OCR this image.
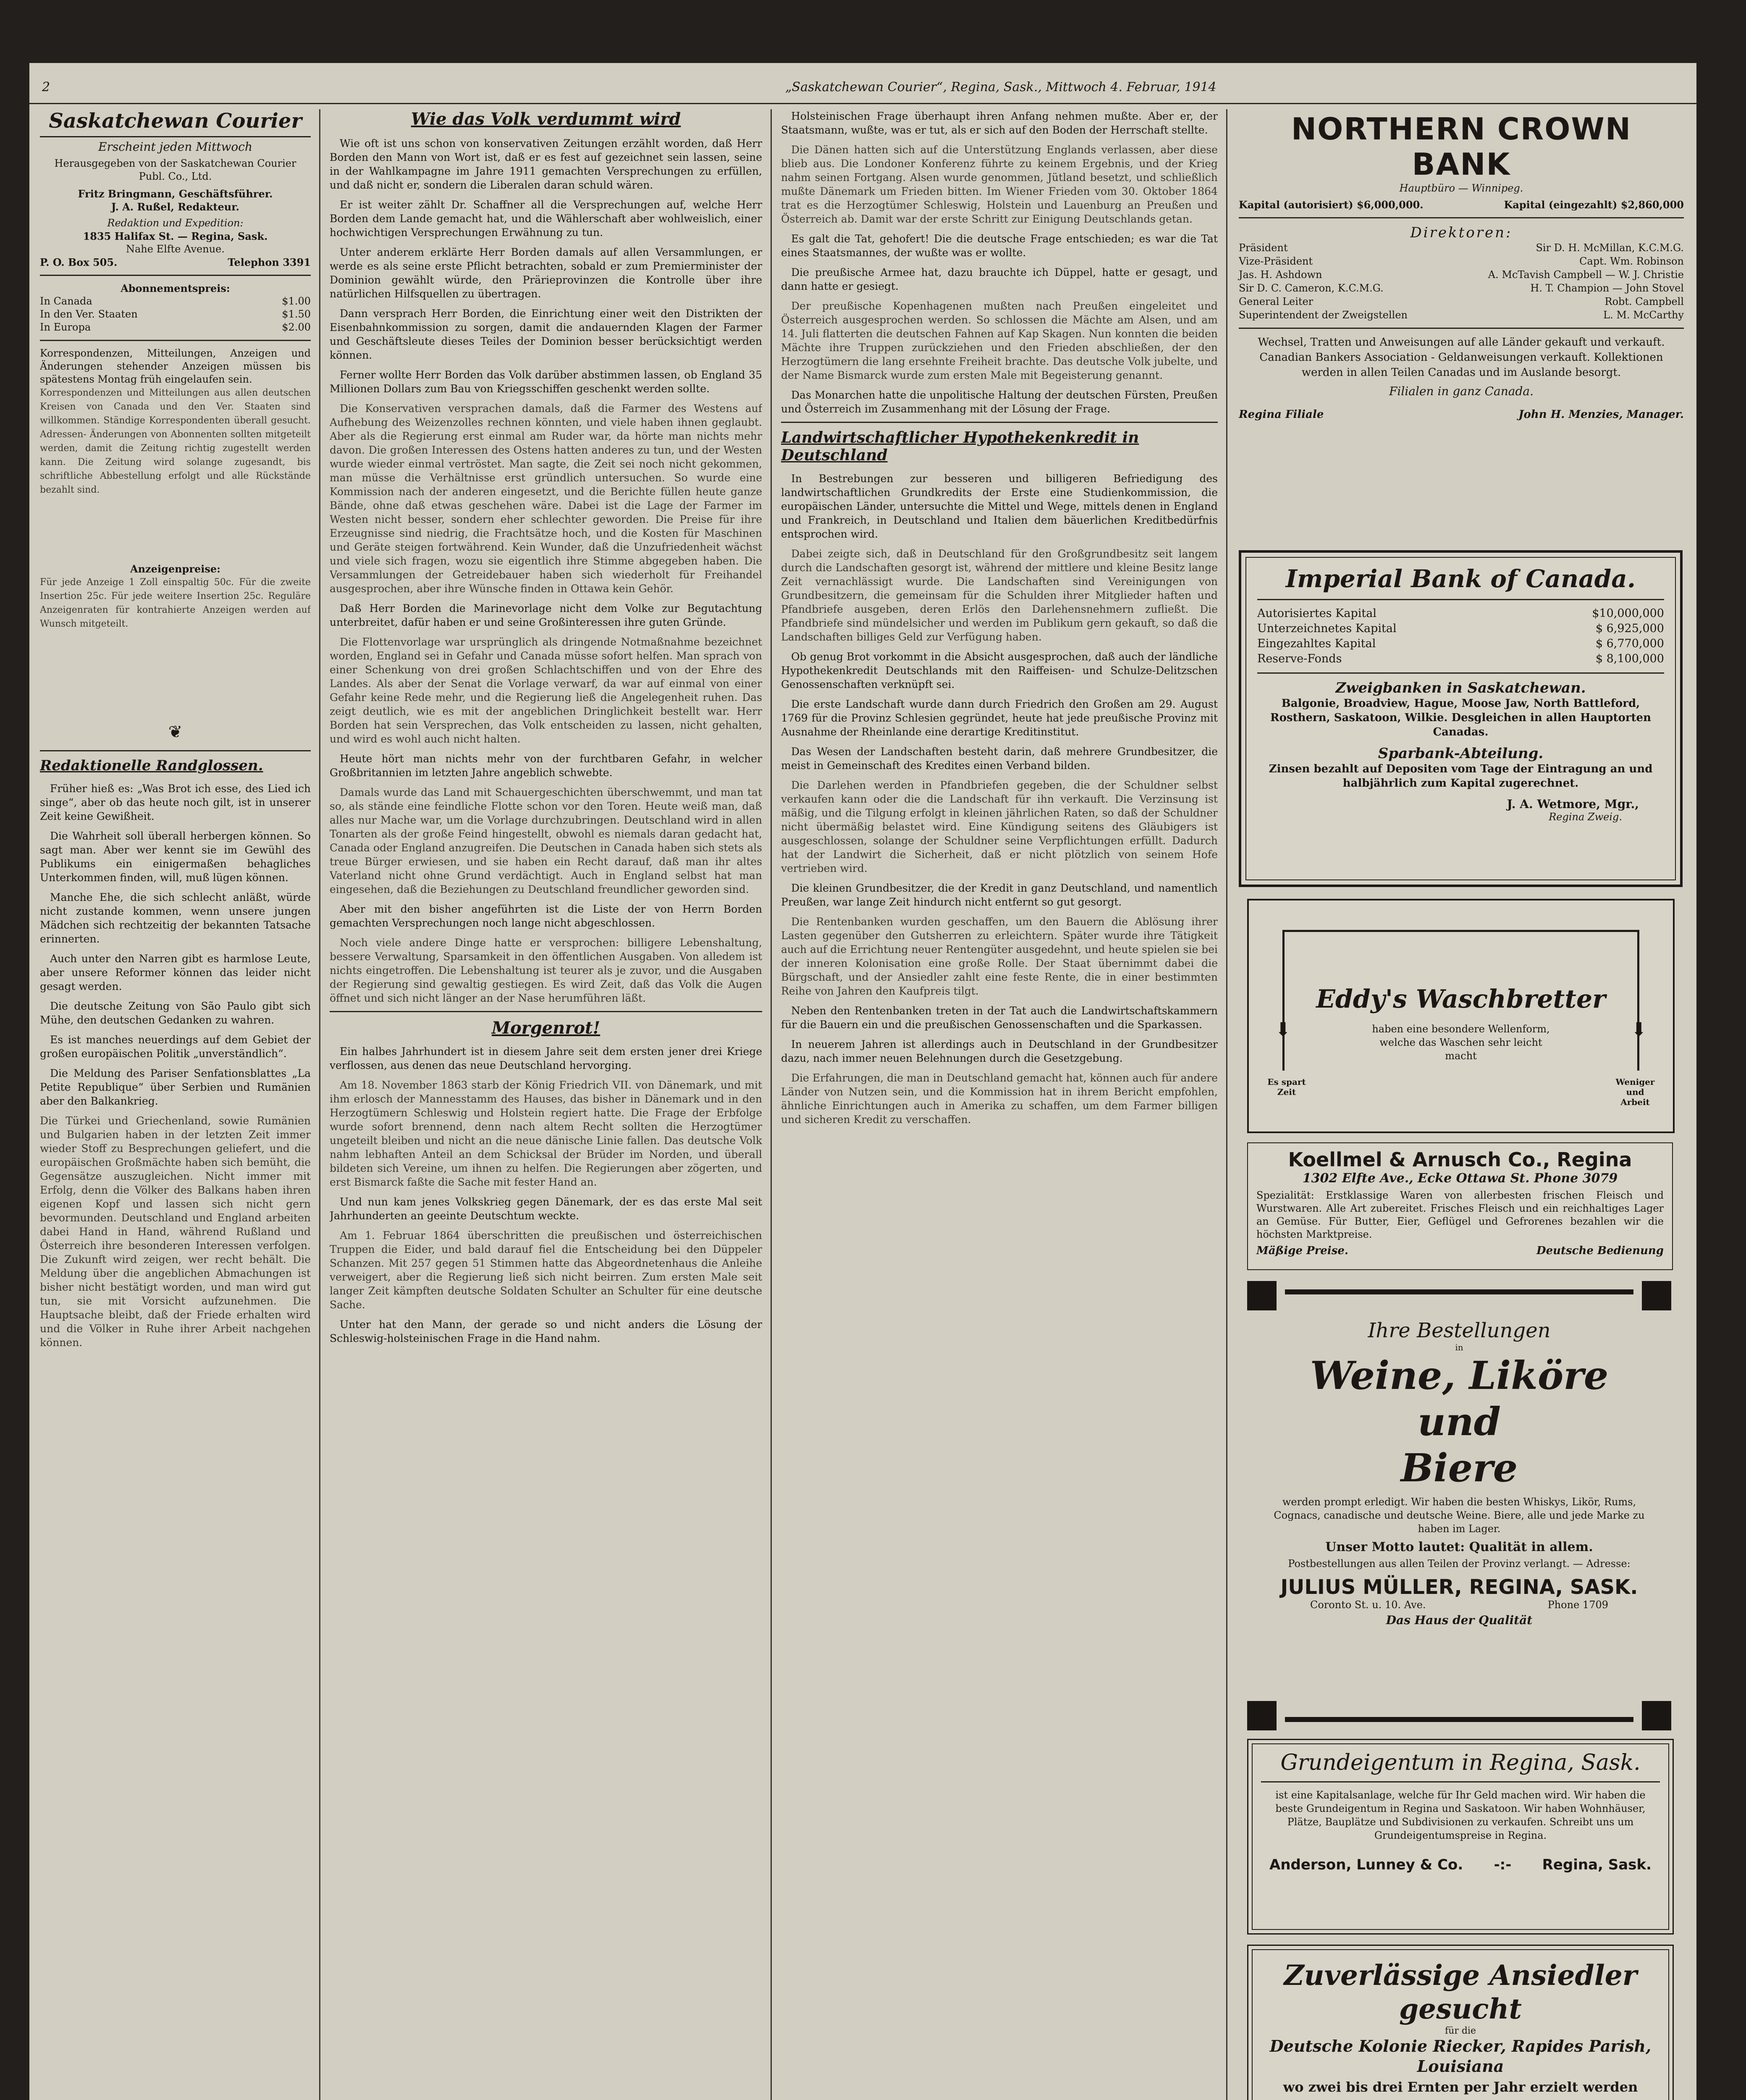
2	„Saskatchewan Courier“, Regina, Sask., Mittwoch 4. Februar, 1914
Saskatchewan Courier
Erscheint jeden Mittwoch
Herausgegeben von der Saskatchewan Courier Publ. Co., Ltd.
Fritz Bringmann, Geschäftsführer.
J. A. Rußel, Redakteur.
Redaktion und Expedition:
1835 Halifax St. — Regina, Sask.
Nahe Elfte Avenue.
P. O. Box 505.	Telephon 3391
Abonnementspreis:
In Canada	$1.00
In den Ver. Staaten	$1.50
In Europa	$2.00

Korrespondenzen, Mitteilungen, Anzeigen und Änderungen stehender Anzeigen müssen bis spätestens Montag früh eingelaufen sein.

Korrespondenzen und Mitteilungen aus allen deutschen Kreisen von Canada und den Ver. Staaten sind willkommen. Ständige Korrespondenten überall gesucht. Adressen- Änderungen von Abonnenten sollten mitgeteilt werden, damit die Zeitung richtig zugestellt werden kann. Die Zeitung wird solange zugesandt, bis schriftliche Abbestellung erfolgt und alle Rückstände bezahlt sind.
Anzeigenpreise:
Für jede Anzeige 1 Zoll einspaltig 50c. Für die zweite Insertion 25c. Für jede weitere Insertion 25c. Reguläre Anzeigenraten für kontrahierte Anzeigen werden auf Wunsch mitgeteilt.
❦
Redaktionelle Randglossen.

Früher hieß es: „Was Brot ich esse, des Lied ich singe“, aber ob das heute noch gilt, ist in unserer Zeit keine Gewißheit.

Die Wahrheit soll überall herbergen können. So sagt man. Aber wer kennt sie im Gewühl des Publikums ein einigermaßen behagliches Unterkommen finden, will, muß lügen können.

Manche Ehe, die sich schlecht anläßt, würde nicht zustande kommen, wenn unsere jungen Mädchen sich rechtzeitig der bekannten Tatsache erinnerten.

Auch unter den Narren gibt es harmlose Leute, aber unsere Reformer können das leider nicht gesagt werden.

Die deutsche Zeitung von São Paulo gibt sich Mühe, den deutschen Gedanken zu wahren.

Es ist manches neuerdings auf dem Gebiet der großen europäischen Politik „unverständlich“.

Die Meldung des Pariser Senfationsblattes „La Petite Republique“ über Serbien und Rumänien aber den Balkankrieg.

Die Türkei und Griechenland, sowie Rumänien und Bulgarien haben in der letzten Zeit immer wieder Stoff zu Besprechungen geliefert, und die europäischen Großmächte haben sich bemüht, die Gegensätze auszugleichen. Nicht immer mit Erfolg, denn die Völker des Balkans haben ihren eigenen Kopf und lassen sich nicht gern bevormunden. Deutschland und England arbeiten dabei Hand in Hand, während Rußland und Österreich ihre besonderen Interessen verfolgen. Die Zukunft wird zeigen, wer recht behält. Die Meldung über die angeblichen Abmachungen ist bisher nicht bestätigt worden, und man wird gut tun, sie mit Vorsicht aufzunehmen. Die Hauptsache bleibt, daß der Friede erhalten wird und die Völker in Ruhe ihrer Arbeit nachgehen können.
Wie das Volk verdummt wird

Wie oft ist uns schon von konservativen Zeitungen erzählt worden, daß Herr Borden den Mann von Wort ist, daß er es fest auf gezeichnet sein lassen, seine in der Wahlkampagne im Jahre 1911 gemachten Versprechungen zu erfüllen, und daß nicht er, sondern die Liberalen daran schuld wären.

Er ist weiter zählt Dr. Schaffner all die Versprechungen auf, welche Herr Borden dem Lande gemacht hat, und die Wählerschaft aber wohlweislich, einer hochwichtigen Versprechungen Erwähnung zu tun.

Unter anderem erklärte Herr Borden damals auf allen Versammlungen, er werde es als seine erste Pflicht betrachten, sobald er zum Premierminister der Dominion gewählt würde, den Prärieprovinzen die Kontrolle über ihre natürlichen Hilfsquellen zu übertragen.

Dann versprach Herr Borden, die Einrichtung einer weit den Distrikten der Eisenbahnkommission zu sorgen, damit die andauernden Klagen der Farmer und Geschäftsleute dieses Teiles der Dominion besser berücksichtigt werden können.

Ferner wollte Herr Borden das Volk darüber abstimmen lassen, ob England 35 Millionen Dollars zum Bau von Kriegsschiffen geschenkt werden sollte.

Die Konservativen versprachen damals, daß die Farmer des Westens auf Aufhebung des Weizenzolles rechnen könnten, und viele haben ihnen geglaubt. Aber als die Regierung erst einmal am Ruder war, da hörte man nichts mehr davon. Die großen Interessen des Ostens hatten anderes zu tun, und der Westen wurde wieder einmal vertröstet. Man sagte, die Zeit sei noch nicht gekommen, man müsse die Verhältnisse erst gründlich untersuchen. So wurde eine Kommission nach der anderen eingesetzt, und die Berichte füllen heute ganze Bände, ohne daß etwas geschehen wäre. Dabei ist die Lage der Farmer im Westen nicht besser, sondern eher schlechter geworden. Die Preise für ihre Erzeugnisse sind niedrig, die Frachtsätze hoch, und die Kosten für Maschinen und Geräte steigen fortwährend. Kein Wunder, daß die Unzufriedenheit wächst und viele sich fragen, wozu sie eigentlich ihre Stimme abgegeben haben. Die Versammlungen der Getreidebauer haben sich wiederholt für Freihandel ausgesprochen, aber ihre Wünsche finden in Ottawa kein Gehör.

Daß Herr Borden die Marinevorlage nicht dem Volke zur Begutachtung unterbreitet, dafür haben er und seine Großinteressen ihre guten Gründe.

Die Flottenvorlage war ursprünglich als dringende Notmaßnahme bezeichnet worden, England sei in Gefahr und Canada müsse sofort helfen. Man sprach von einer Schenkung von drei großen Schlachtschiffen und von der Ehre des Landes. Als aber der Senat die Vorlage verwarf, da war auf einmal von einer Gefahr keine Rede mehr, und die Regierung ließ die Angelegenheit ruhen. Das zeigt deutlich, wie es mit der angeblichen Dringlichkeit bestellt war. Herr Borden hat sein Versprechen, das Volk entscheiden zu lassen, nicht gehalten, und wird es wohl auch nicht halten.

Heute hört man nichts mehr von der furchtbaren Gefahr, in welcher Großbritannien im letzten Jahre angeblich schwebte.

Damals wurde das Land mit Schauergeschichten überschwemmt, und man tat so, als stände eine feindliche Flotte schon vor den Toren. Heute weiß man, daß alles nur Mache war, um die Vorlage durchzubringen. Deutschland wird in allen Tonarten als der große Feind hingestellt, obwohl es niemals daran gedacht hat, Canada oder England anzugreifen. Die Deutschen in Canada haben sich stets als treue Bürger erwiesen, und sie haben ein Recht darauf, daß man ihr altes Vaterland nicht ohne Grund verdächtigt. Auch in England selbst hat man eingesehen, daß die Beziehungen zu Deutschland freundlicher geworden sind.

Aber mit den bisher angeführten ist die Liste der von Herrn Borden gemachten Versprechungen noch lange nicht abgeschlossen.

Noch viele andere Dinge hatte er versprochen: billigere Lebenshaltung, bessere Verwaltung, Sparsamkeit in den öffentlichen Ausgaben. Von alledem ist nichts eingetroffen. Die Lebenshaltung ist teurer als je zuvor, und die Ausgaben der Regierung sind gewaltig gestiegen. Es wird Zeit, daß das Volk die Augen öffnet und sich nicht länger an der Nase herumführen läßt.
Morgenrot!

Ein halbes Jahrhundert ist in diesem Jahre seit dem ersten jener drei Kriege verflossen, aus denen das neue Deutschland hervorging.

Am 18. November 1863 starb der König Friedrich VII. von Dänemark, und mit ihm erlosch der Mannesstamm des Hauses, das bisher in Dänemark und in den Herzogtümern Schleswig und Holstein regiert hatte. Die Frage der Erbfolge wurde sofort brennend, denn nach altem Recht sollten die Herzogtümer ungeteilt bleiben und nicht an die neue dänische Linie fallen. Das deutsche Volk nahm lebhaften Anteil an dem Schicksal der Brüder im Norden, und überall bildeten sich Vereine, um ihnen zu helfen. Die Regierungen aber zögerten, und erst Bismarck faßte die Sache mit fester Hand an.

Und nun kam jenes Volkskrieg gegen Dänemark, der es das erste Mal seit Jahrhunderten an geeinte Deutschtum weckte.

Am 1. Februar 1864 überschritten die preußischen und österreichischen Truppen die Eider, und bald darauf fiel die Entscheidung bei den Düppeler Schanzen. Mit 257 gegen 51 Stimmen hatte das Abgeordnetenhaus die Anleihe verweigert, aber die Regierung ließ sich nicht beirren. Zum ersten Male seit langer Zeit kämpften deutsche Soldaten Schulter an Schulter für eine deutsche Sache.

Unter hat den Mann, der gerade so und nicht anders die Lösung der Schleswig-holsteinischen Frage in die Hand nahm.

Holsteinischen Frage überhaupt ihren Anfang nehmen mußte. Aber er, der Staatsmann, wußte, was er tut, als er sich auf den Boden der Herrschaft stellte.

Die Dänen hatten sich auf die Unterstützung Englands verlassen, aber diese blieb aus. Die Londoner Konferenz führte zu keinem Ergebnis, und der Krieg nahm seinen Fortgang. Alsen wurde genommen, Jütland besetzt, und schließlich mußte Dänemark um Frieden bitten. Im Wiener Frieden vom 30. Oktober 1864 trat es die Herzogtümer Schleswig, Holstein und Lauenburg an Preußen und Österreich ab. Damit war der erste Schritt zur Einigung Deutschlands getan.

Es galt die Tat, gehofert! Die die deutsche Frage entschieden; es war die Tat eines Staatsmannes, der wußte was er wollte.

Die preußische Armee hat, dazu brauchte ich Düppel, hatte er gesagt, und dann hatte er gesiegt.

Der preußische Kopenhagenen mußten nach Preußen eingeleitet und Österreich ausgesprochen werden. So schlossen die Mächte am Alsen, und am 14. Juli flatterten die deutschen Fahnen auf Kap Skagen. Nun konnten die beiden Mächte ihre Truppen zurückziehen und den Frieden abschließen, der den Herzogtümern die lang ersehnte Freiheit brachte. Das deutsche Volk jubelte, und der Name Bismarck wurde zum ersten Male mit Begeisterung genannt.

Das Monarchen hatte die unpolitische Haltung der deutschen Fürsten, Preußen und Österreich im Zusammenhang mit der Lösung der Frage.

Landwirtschaftlicher Hypothekenkredit in Deutschland

In Bestrebungen zur besseren und billigeren Befriedigung des landwirtschaftlichen Grundkredits der Erste eine Studienkommission, die europäischen Länder, untersuchte die Mittel und Wege, mittels denen in England und Frankreich, in Deutschland und Italien dem bäuerlichen Kreditbedürfnis entsprochen wird.

Dabei zeigte sich, daß in Deutschland für den Großgrundbesitz seit langem durch die Landschaften gesorgt ist, während der mittlere und kleine Besitz lange Zeit vernachlässigt wurde. Die Landschaften sind Vereinigungen von Grundbesitzern, die gemeinsam für die Schulden ihrer Mitglieder haften und Pfandbriefe ausgeben, deren Erlös den Darlehensnehmern zufließt. Die Pfandbriefe sind mündelsicher und werden im Publikum gern gekauft, so daß die Landschaften billiges Geld zur Verfügung haben.

Ob genug Brot vorkommt in die Absicht ausgesprochen, daß auch der ländliche Hypothekenkredit Deutschlands mit den Raiffeisen- und Schulze-Delitzschen Genossenschaften verknüpft sei.

Die erste Landschaft wurde dann durch Friedrich den Großen am 29. August 1769 für die Provinz Schlesien gegründet, heute hat jede preußische Provinz mit Ausnahme der Rheinlande eine derartige Kreditinstitut.

Das Wesen der Landschaften besteht darin, daß mehrere Grundbesitzer, die meist in Gemeinschaft des Kredites einen Verband bilden.

Die Darlehen werden in Pfandbriefen gegeben, die der Schuldner selbst verkaufen kann oder die die Landschaft für ihn verkauft. Die Verzinsung ist mäßig, und die Tilgung erfolgt in kleinen jährlichen Raten, so daß der Schuldner nicht übermäßig belastet wird. Eine Kündigung seitens des Gläubigers ist ausgeschlossen, solange der Schuldner seine Verpflichtungen erfüllt. Dadurch hat der Landwirt die Sicherheit, daß er nicht plötzlich von seinem Hofe vertrieben wird.

Die kleinen Grundbesitzer, die der Kredit in ganz Deutschland, und namentlich Preußen, war lange Zeit hindurch nicht entfernt so gut gesorgt.

Die Rentenbanken wurden geschaffen, um den Bauern die Ablösung ihrer Lasten gegenüber den Gutsherren zu erleichtern. Später wurde ihre Tätigkeit auch auf die Errichtung neuer Rentengüter ausgedehnt, und heute spielen sie bei der inneren Kolonisation eine große Rolle. Der Staat übernimmt dabei die Bürgschaft, und der Ansiedler zahlt eine feste Rente, die in einer bestimmten Reihe von Jahren den Kaufpreis tilgt.

Neben den Rentenbanken treten in der Tat auch die Landwirtschaftskammern für die Bauern ein und die preußischen Genossenschaften und die Sparkassen.

In neuerem Jahren ist allerdings auch in Deutschland in der Grundbesitzer dazu, nach immer neuen Belehnungen durch die Gesetzgebung.

Die Erfahrungen, die man in Deutschland gemacht hat, können auch für andere Länder von Nutzen sein, und die Kommission hat in ihrem Bericht empfohlen, ähnliche Einrichtungen auch in Amerika zu schaffen, um dem Farmer billigen und sicheren Kredit zu verschaffen.
NORTHERN CROWN BANK
Hauptbüro — Winnipeg.
Kapital (autorisiert) $6,000,000.	Kapital (eingezahlt) $2,860,000
Direktoren:
Präsident	Sir D. H. McMillan, K.C.M.G.
Vize-Präsident	Capt. Wm. Robinson
Jas. H. Ashdown	A. McTavish Campbell — W. J. Christie
Sir D. C. Cameron, K.C.M.G.	H. T. Champion — John Stovel
General Leiter	Robt. Campbell
Superintendent der Zweigstellen	L. M. McCarthy

Wechsel, Tratten und Anweisungen auf alle Länder gekauft und verkauft. Canadian Bankers Association - Geldanweisungen verkauft. Kollektionen werden in allen Teilen Canadas und im Auslande besorgt.

Filialen in ganz Canada.
Regina Filiale	John H. Menzies, Manager.
Imperial Bank of Canada.
Autorisiertes Kapital	$10,000,000
Unterzeichnetes Kapital	$ 6,925,000
Eingezahltes Kapital	$ 6,770,000
Reserve-Fonds	$ 8,100,000
Zweigbanken in Saskatchewan.
Balgonie, Broadview, Hague, Moose Jaw, North Battleford, Rosthern, Saskatoon, Wilkie. Desgleichen in allen Hauptorten Canadas.
Sparbank-Abteilung.
Zinsen bezahlt auf Depositen vom Tage der Eintragung an und halbjährlich zum Kapital zugerechnet.
J. A. Wetmore, Mgr.,
Regina Zweig.
Eddy's Waschbretter
haben eine besondere Wellenform, welche das Waschen sehr leicht macht
⬇	⬇
Es spart Zeit
Weniger und Arbeit
Koellmel & Arnusch Co., Regina
1302 Elfte Ave., Ecke Ottawa St. Phone 3079
Spezialität: Erstklassige Waren von allerbesten frischen Fleisch und Wurstwaren. Alle Art zubereitet. Frisches Fleisch und ein reichhaltiges Lager an Gemüse. Für Butter, Eier, Geflügel und Gefrorenes bezahlen wir die höchsten Marktpreise.
Mäßige Preise.	Deutsche Bedienung
Ihre Bestellungen
in
Weine, Liköre und
Biere
werden prompt erledigt. Wir haben die besten Whiskys, Likör, Rums, Cognacs, canadische und deutsche Weine. Biere, alle und jede Marke zu haben im Lager.
Unser Motto lautet: Qualität in allem.
Postbestellungen aus allen Teilen der Provinz verlangt. — Adresse:
JULIUS MÜLLER, REGINA, SASK.
Coronto St. u. 10. Ave.	Phone 1709
Das Haus der Qualität
Grundeigentum in Regina, Sask.
ist eine Kapitalsanlage, welche für Ihr Geld machen wird. Wir haben die beste Grundeigentum in Regina und Saskatoon. Wir haben Wohnhäuser, Plätze, Bauplätze und Subdivisionen zu verkaufen. Schreibt uns um Grundeigentumspreise in Regina.
Anderson, Lunney & Co. -:- Regina, Sask.
Zuverlässige Ansiedler gesucht
für die
Deutsche Kolonie Riecker, Rapides Parish, Louisiana
wo zwei bis drei Ernten per Jahr erzielt werden
